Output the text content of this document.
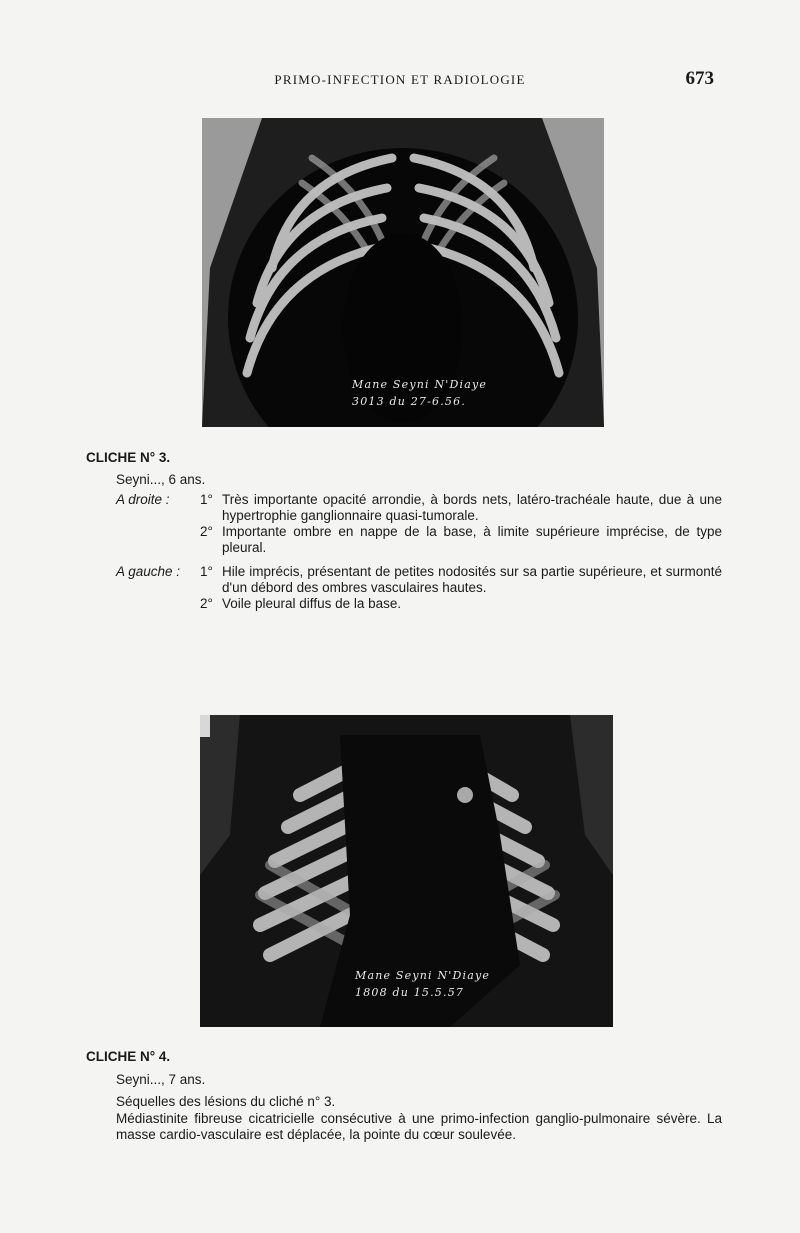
PRIMO-INFECTION ET RADIOLOGIE	673
Mane Seyni N'Diaye
3013 du 27-6.56.
CLICHE N° 3.
Seyni..., 6 ans.
A droite : 1° Très importante opacité arrondie, à bords nets, latéro-trachéale haute, due à une hypertrophie ganglionnaire quasi-tumorale.
2° Importante ombre en nappe de la base, à limite supérieure imprécise, de type pleural.
A gauche : 1° Hile imprécis, présentant de petites nodosités sur sa partie supérieure, et surmonté d'un débord des ombres vasculaires hautes.
2° Voile pleural diffus de la base.
Mane Seyni N'Diaye
1808 du 15.5.57
CLICHE N° 4.
Seyni..., 7 ans.
Séquelles des lésions du cliché n° 3.
Médiastinite fibreuse cicatricielle consécutive à une primo-infection ganglio-pulmonaire sévère. La masse cardio-vasculaire est déplacée, la pointe du cœur soulevée.
